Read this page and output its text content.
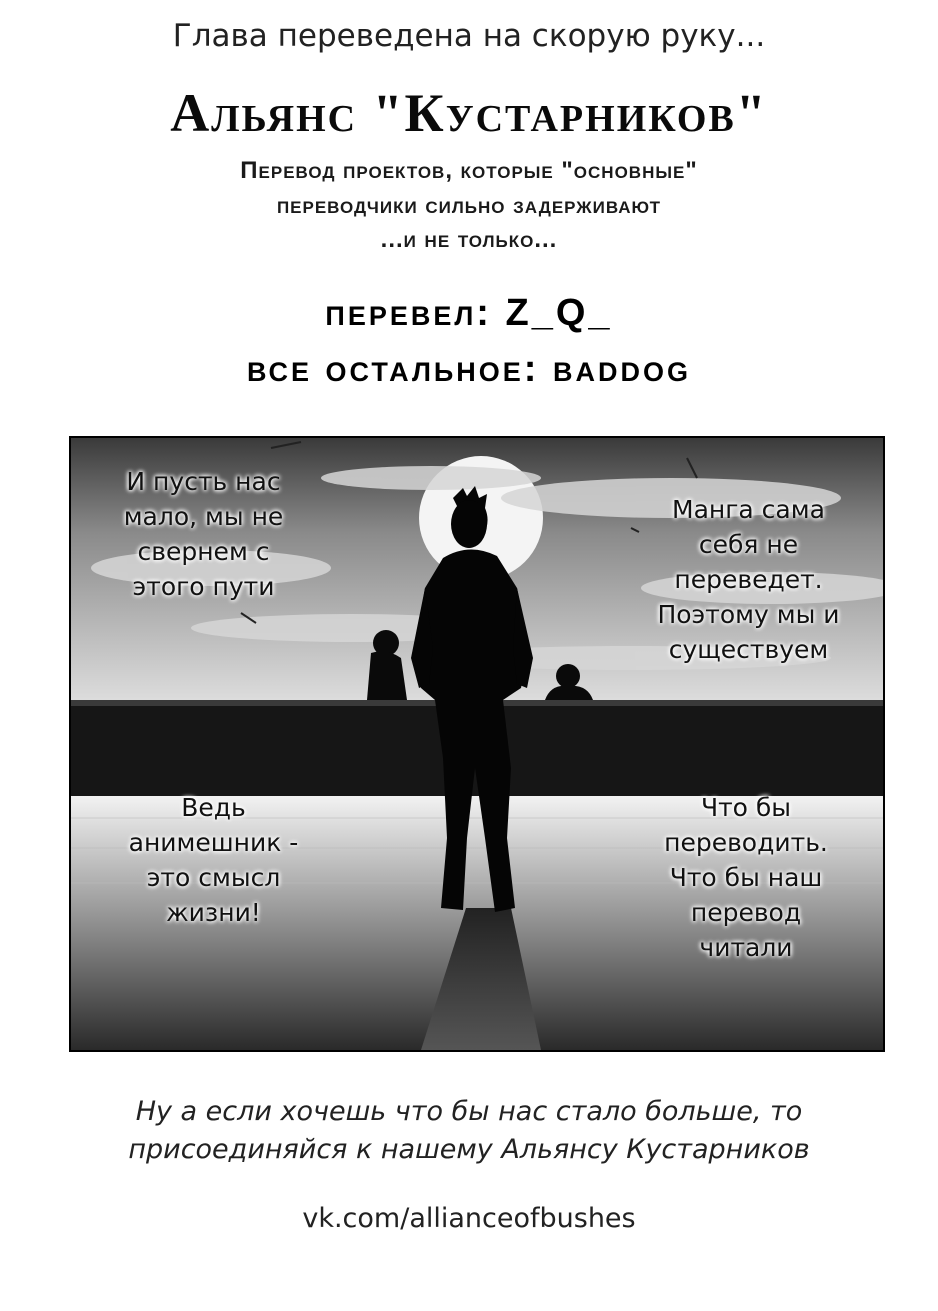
Глава переведена на скорую руку...
Альянс "Кустарников"
Перевод проектов, которые "основные"
переводчики сильно задерживают
...и не только...
перевел: Z_Q_
все остальное: baddog
И пусть нас
мало, мы не
свернем с
этого пути
Манга сама
себя не
переведет.
Поэтому мы и
существуем
Ведь
анимешник -
это смысл
жизни!
Что бы
переводить.
Что бы наш
перевод
читали
Ну а если хочешь что бы нас стало больше, то
присоединяйся к нашему Альянсу Кустарников
vk.com/allianceofbushes
